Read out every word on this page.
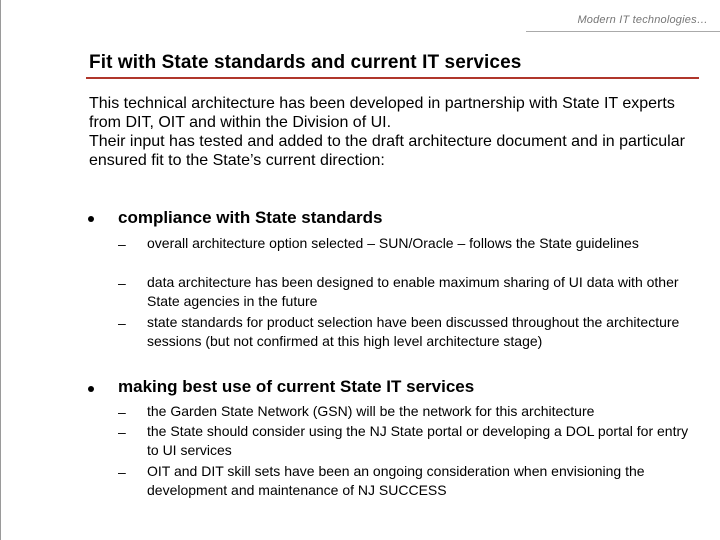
Modern IT technologies…
Fit with State standards and current IT services

This technical architecture has been developed in partnership with State IT experts from DIT, OIT and within the Division of UI.

Their input has tested and added to the draft architecture document and in particular ensured fit to the State’s current direction:

compliance with State standards
– overall architecture option selected – SUN/Oracle – follows the State guidelines
– data architecture has been designed to enable maximum sharing of UI data with other State agencies in the future
– state standards for product selection have been discussed throughout the architecture sessions (but not confirmed at this high level architecture stage)
making best use of current State IT services
– the Garden State Network (GSN) will be the network for this architecture
– the State should consider using the NJ State portal or developing a DOL portal for entry to UI services
– OIT and DIT skill sets have been an ongoing consideration when envisioning the development and maintenance of NJ SUCCESS
